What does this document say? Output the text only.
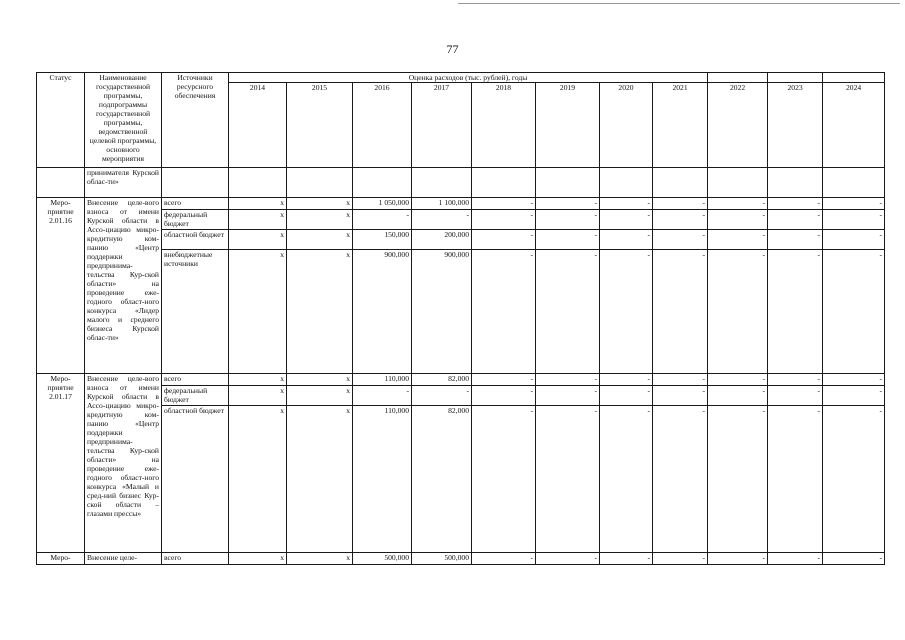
77
Статус	Наименование государственной программы, подпрограммы государственной программы, ведомственной целевой программы, основного мероприятия	Источники ресурсного обеспечения	Оценка расходов (тыс. рублей), годы										
			2014	2015	2016	2017	2018	2019	2020	2021	2022	2023	2024
	принимателя Курской облас-ти»												
Меро-приятие 2.01.16	Внесение целе-вого взноса от имени Курской области в Ассо-циацию микро-кредитную ком-панию «Центр поддержки предпринима-тельства Кур-ской области» на проведение еже-годного област-ного конкурса «Лидер малого и среднего бизнеса Курской облас-ти»	всего	х	х	1 050,000	1 100,000	-	-	-	-	-	-	-
		федеральный бюджет	х	х	-	-	-	-	-	-	-	-	-
		областной бюджет	х	х	150,000	200,000	-	-	-	-	-	-	-
		внебюджетные источники	х	х	900,000	900,000	-	-	-	-	-	-	-
Меро-приятие 2.01.17	Внесение целе-вого взноса от имени Курской области в Ассо-циацию микро-кредитную ком-панию «Центр поддержки предпринима-тельства Кур-ской области» на проведение еже-годного област-ного конкурса «Малый и сред-ний бизнес Кур-ской области – глазами прессы»	всего	х	х	110,000	82,000	-	-	-	-	-	-	-
		федеральный бюджет	х	х	-	-	-	-	-	-	-	-	-
		областной бюджет	х	х	110,000	82,000	-	-	-	-	-	-	-
Меро-	Внесение целе-	всего	х	х	500,000	500,000	-	-	-	-	-	-	-
